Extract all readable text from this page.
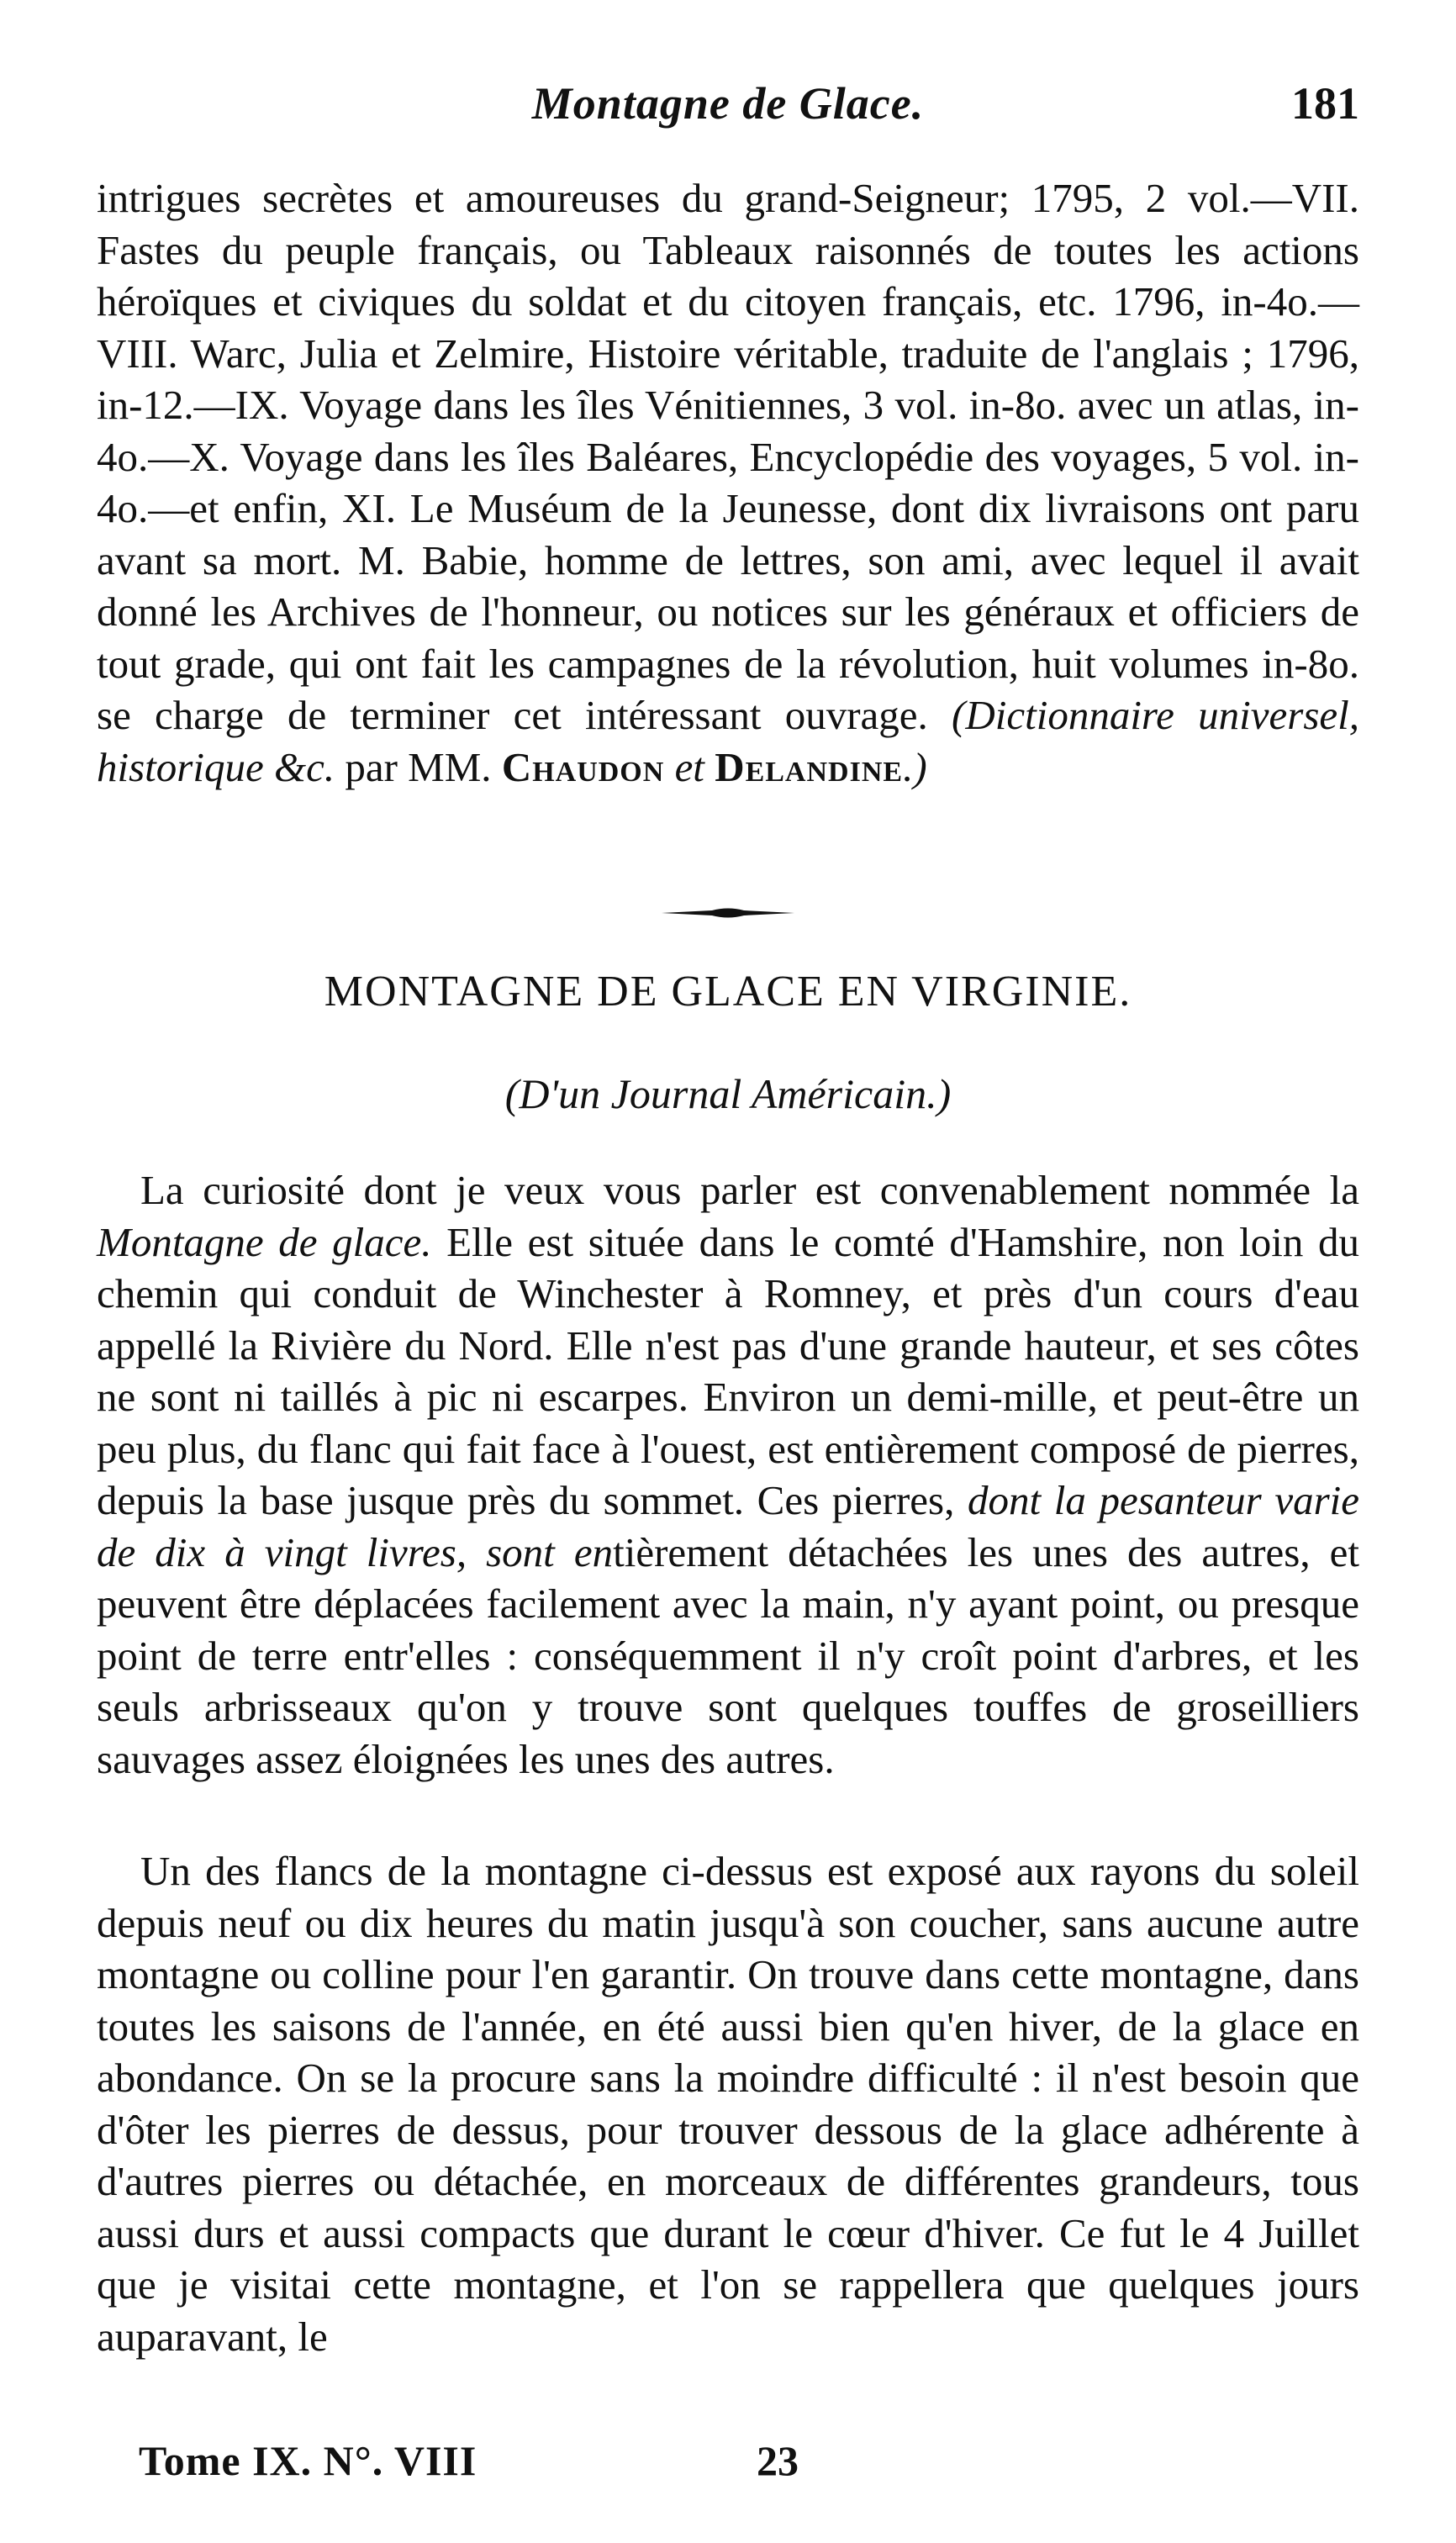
Montagne de Glace.	181

intrigues secrètes et amoureuses du grand-Seigneur; 1795, 2 vol.—VII. Fastes du peuple français, ou Tableaux raisonnés de toutes les actions héroïques et civiques du soldat et du citoyen français, etc. 1796, in-4o.—VIII. Warc, Julia et Zelmire, Histoire véritable, traduite de l'anglais ; 1796, in-12.—IX. Voyage dans les îles Vénitiennes, 3 vol. in-8o. avec un atlas, in-4o.—X. Voyage dans les îles Baléares, Encyclopédie des voyages, 5 vol. in-4o.—et enfin, XI. Le Muséum de la Jeunesse, dont dix livraisons ont paru avant sa mort. M. Babie, homme de lettres, son ami, avec lequel il avait donné les Archives de l'honneur, ou notices sur les généraux et officiers de tout grade, qui ont fait les campagnes de la révolution, huit volumes in-8o. se charge de terminer cet intéressant ouvrage. (Dictionnaire universel, historique &c. par MM. Chaudon et Delandine.)

MONTAGNE DE GLACE EN VIRGINIE.

(D'un Journal Américain.)

La curiosité dont je veux vous parler est convenablement nommée la Montagne de glace. Elle est située dans le comté d'Hamshire, non loin du chemin qui conduit de Winchester à Romney, et près d'un cours d'eau appellé la Rivière du Nord. Elle n'est pas d'une grande hauteur, et ses côtes ne sont ni taillés à pic ni escarpes. Environ un demi-mille, et peut-être un peu plus, du flanc qui fait face à l'ouest, est entièrement composé de pierres, depuis la base jusque près du sommet. Ces pierres, dont la pesanteur varie de dix à vingt livres, sont entièrement détachées les unes des autres, et peuvent être déplacées facilement avec la main, n'y ayant point, ou presque point de terre entr'elles : conséquemment il n'y croît point d'arbres, et les seuls arbrisseaux qu'on y trouve sont quelques touffes de groseilliers sauvages assez éloignées les unes des autres.

Un des flancs de la montagne ci-dessus est exposé aux rayons du soleil depuis neuf ou dix heures du matin jusqu'à son coucher, sans aucune autre montagne ou colline pour l'en garantir. On trouve dans cette montagne, dans toutes les saisons de l'année, en été aussi bien qu'en hiver, de la glace en abondance. On se la procure sans la moindre difficulté : il n'est besoin que d'ôter les pierres de dessus, pour trouver dessous de la glace adhérente à d'autres pierres ou détachée, en morceaux de différentes grandeurs, tous aussi durs et aussi compacts que durant le cœur d'hiver. Ce fut le 4 Juillet que je visitai cette montagne, et l'on se rappellera que quelques jours auparavant, le

Tome IX. N°. VIII	23
